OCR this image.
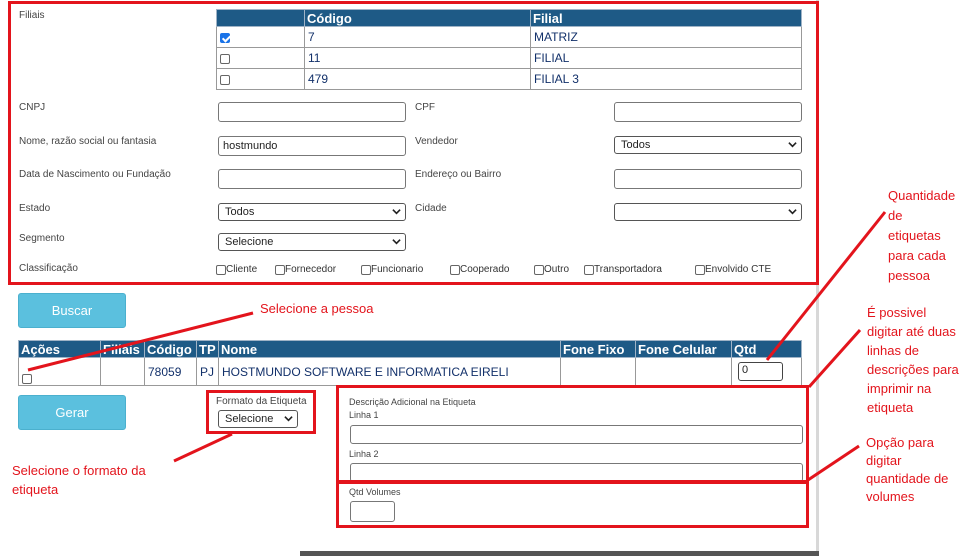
Filiais
		Código	Filial
	7	MATRIZ
	11	FILIAL
	479	FILIAL 3
CNPJ	CPF
Nome, razão social ou fantasia	hostmundo	Vendedor	Todos
Data de Nascimento ou Fundação	Endereço ou Bairro
Estado	Todos	Cidade
Segmento	Selecione
Classificação	Cliente	Fornecedor	Funcionario	Cooperado	Outro	Transportadora	Envolvido CTE
Buscar
Ações	Filiais	Código	TP	Nome	Fone Fixo	Fone Celular	Qtd
		78059	PJ	HOSTMUNDO SOFTWARE E INFORMATICA EIRELI			0
Gerar
Formato da Etiqueta
Selecione
Descrição Adicional na Etiqueta
Linha 1
Linha 2
Qtd Volumes
Selecione a pessoa
Selecione o formato da
etiqueta
Quantidade
de
etiquetas
para cada
pessoa
É possivel
digitar até duas
linhas de
descrições para
imprimir na
etiqueta
Opção para
digitar
quantidade de
volumes
